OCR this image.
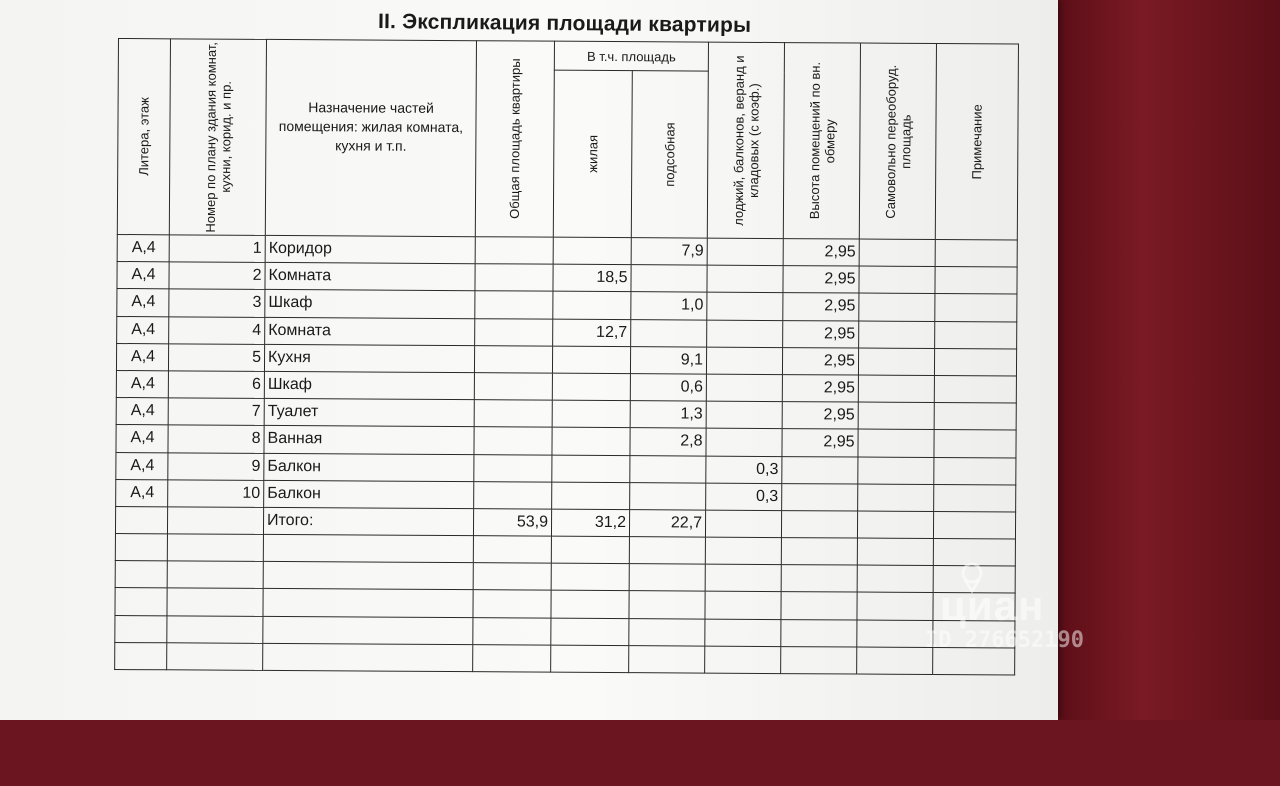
II. Экспликация площади квартиры
Литера, этаж	Номер по плану здания комнат, кухни, корид. и пр.	Назначение частей помещения: жилая комната, кухня и т.п.	Общая площадь квартиры	В т.ч. площадь		лоджий, балконов, веранд и кладовых (с коэф.)	Высота помещений по вн. обмеру	Самовольно переоборуд. площадь	Примечание

				жилая	подсобная				

А,4	1	Коридор			7,9		2,95		
А,4	2	Комната		18,5			2,95		
А,4	3	Шкаф			1,0		2,95		
А,4	4	Комната		12,7			2,95		
А,4	5	Кухня			9,1		2,95		
А,4	6	Шкаф			0,6		2,95		
А,4	7	Туалет			1,3		2,95		
А,4	8	Ванная			2,8		2,95		
А,4	9	Балкон				0,3			
А,4	10	Балкон				0,3			
		Итого:	53,9	31,2	22,7				

циан
ID 276652190
